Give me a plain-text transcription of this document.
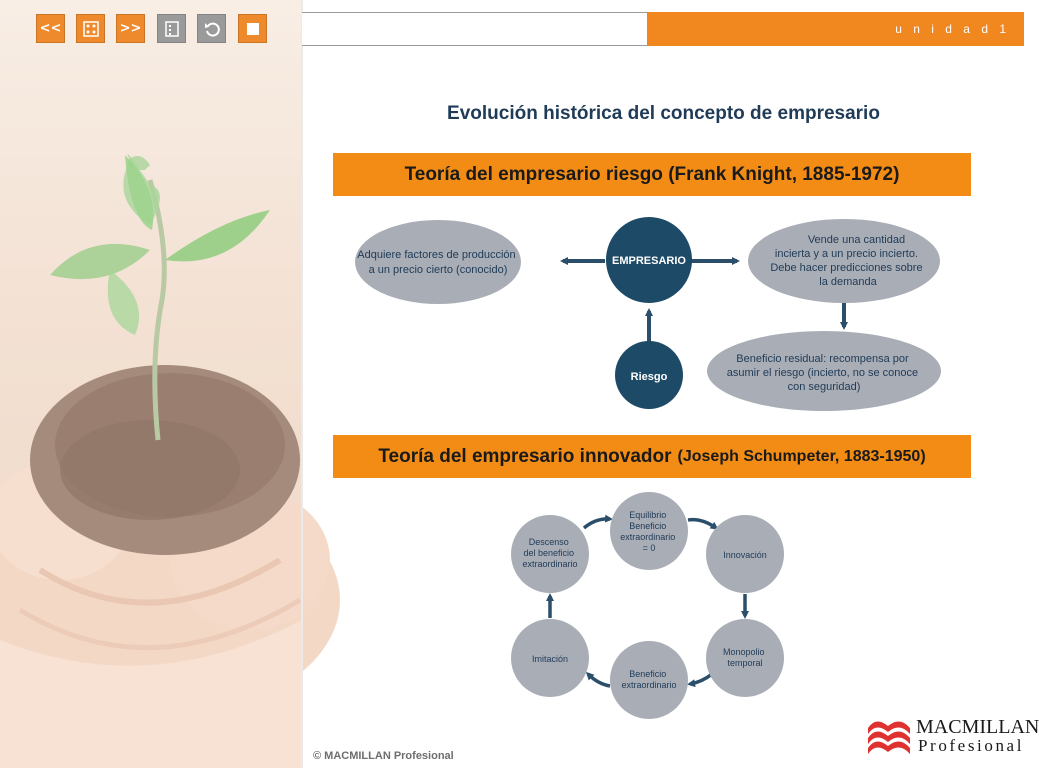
<<	>>	u n i d a d 1
Evolución histórica del concepto de empresario
Teoría del empresario riesgo (Frank Knight, 1885-1972)
Adquiere factores de producción a un precio cierto (conocido)
EMPRESARIO
Vende una cantidad incierta y a un precio incierto. Debe hacer predicciones sobre la demanda
Riesgo
Beneficio residual: recompensa por asumir el riesgo (incierto, no se conoce con seguridad)
Teoría del empresario innovador (Joseph Schumpeter, 1883-1950)
Equilibrio Beneficio extraordinario = 0
Innovación
Monopolio temporal
Beneficio extraordinario
Imitación
Descenso del beneficio extraordinario
© MACMILLAN Profesional
MACMILLAN
Profesional
